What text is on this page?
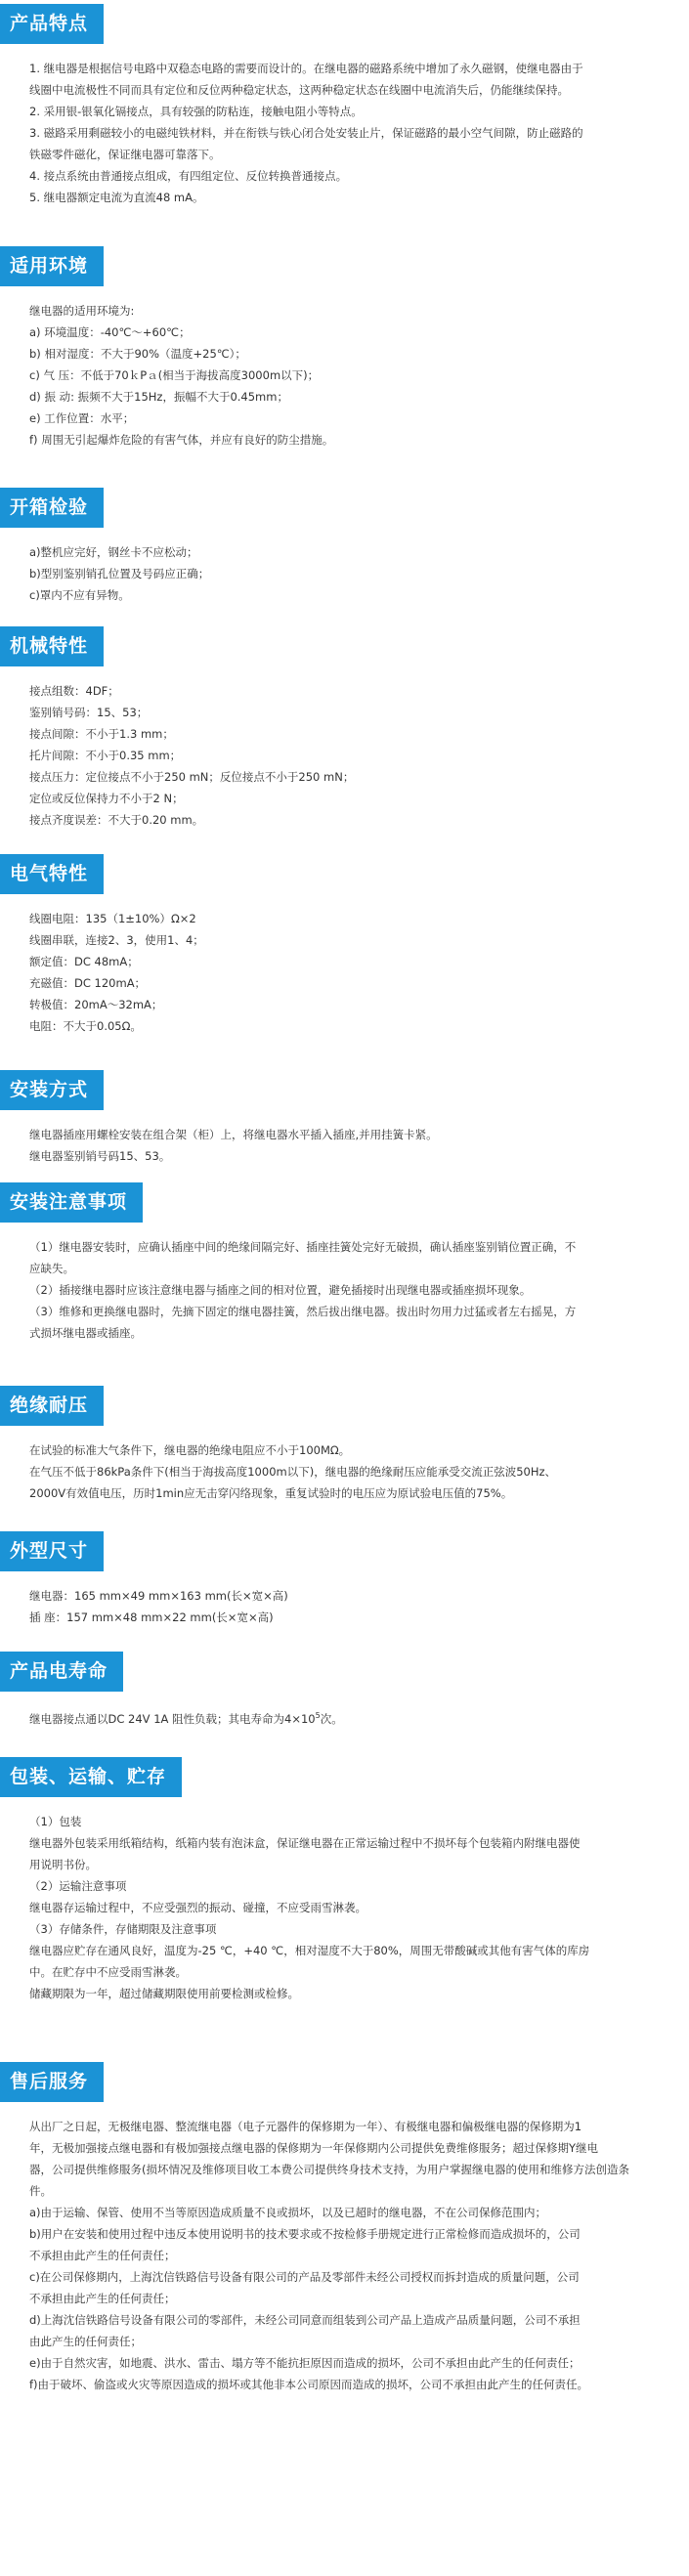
产品特点
1. 继电器是根据信号电路中双稳态电路的需要而设计的。在继电器的磁路系统中增加了永久磁钢，使继电器由于
线圈中电流极性不同而具有定位和反位两种稳定状态，这两种稳定状态在线圈中电流消失后，仍能继续保持。
2. 采用银-银氧化镉接点，具有较强的防粘连，接触电阻小等特点。
3. 磁路采用剩磁较小的电磁纯铁材料，并在衔铁与铁心闭合处安装止片，保证磁路的最小空气间隙，防止磁路的
铁磁零件磁化，保证继电器可靠落下。
4. 接点系统由普通接点组成，有四组定位、反位转换普通接点。
5. 继电器额定电流为直流48 mA。
适用环境
继电器的适用环境为:
a) 环境温度：-40℃～+60℃；
b) 相对湿度：不大于90%（温度+25℃）；
c) 气 压：不低于70ｋPａ(相当于海拔高度3000m以下)；
d) 振 动: 振频不大于15Hz，振幅不大于0.45mm；
e) 工作位置：水平；
f) 周围无引起爆炸危险的有害气体，并应有良好的防尘措施。
开箱检验
a)整机应完好，钢丝卡不应松动；
b)型别鉴别销孔位置及号码应正确；
c)罩内不应有异物。
机械特性
接点组数：4DF；
鉴别销号码：15、53；
接点间隙：不小于1.3 mm；
托片间隙：不小于0.35 mm；
接点压力：定位接点不小于250 mN；反位接点不小于250 mN；
定位或反位保持力不小于2 N；
接点齐度误差：不大于0.20 mm。
电气特性
线圈电阻：135（1±10%）Ω×2
线圈串联，连接2、3，使用1、4；
额定值：DC 48mA；
充磁值：DC 120mA；
转极值：20mA～32mA；
电阻：不大于0.05Ω。
安装方式
继电器插座用螺栓安装在组合架（柜）上，将继电器水平插入插座,并用挂簧卡紧。
继电器鉴别销号码15、53。
安装注意事项
（1）继电器安装时，应确认插座中间的绝缘间隔完好、插座挂簧处完好无破损，确认插座鉴别销位置正确，不
应缺失。
（2）插接继电器时应该注意继电器与插座之间的相对位置，避免插接时出现继电器或插座损坏现象。
（3）维修和更换继电器时，先摘下固定的继电器挂簧，然后拔出继电器。拔出时勿用力过猛或者左右摇晃，方
式损坏继电器或插座。
绝缘耐压
在试验的标准大气条件下，继电器的绝缘电阻应不小于100MΩ。
在气压不低于86kPa条件下(相当于海拔高度1000m以下)，继电器的绝缘耐压应能承受交流正弦波50Hz、
2000V有效值电压，历时1min应无击穿闪络现象，重复试验时的电压应为原试验电压值的75%。
外型尺寸
继电器：165 mm×49 mm×163 mm(长×宽×高)
插 座：157 mm×48 mm×22 mm(长×宽×高)
产品电寿命
继电器接点通以DC 24V 1A 阻性负载；其电寿命为$4\times 10^5$次。
包装、运输、贮存
（1）包装
继电器外包装采用纸箱结构，纸箱内装有泡沫盒，保证继电器在正常运输过程中不损坏每个包装箱内附继电器使
用说明书份。
（2）运输注意事项
继电器存运输过程中，不应受强烈的振动、碰撞，不应受雨雪淋袭。
（3）存储条件，存储期限及注意事项
继电器应贮存在通风良好，温度为-25 ℃，+40 ℃，相对湿度不大于80%，周围无带酸碱或其他有害气体的库房
中。在贮存中不应受雨雪淋袭。
储藏期限为一年，超过储藏期限使用前要检测或检修。
售后服务
从出厂之日起，无极继电器、整流继电器（电子元器件的保修期为一年）、有极继电器和偏极继电器的保修期为1
年，无极加强接点继电器和有极加强接点继电器的保修期为一年保修期内公司提供免费维修服务；超过保修期Y继电
器，公司提供维修服务(损坏情况及维修项目收工本费公司提供终身技术支持，为用户掌握继电器的使用和维修方法创造条
件。
a)由于运输、保管、使用不当等原因造成质量不良或损坏，以及已超时的继电器，不在公司保修范围内；
b)用户在安装和使用过程中违反本使用说明书的技术要求或不按检修手册规定进行正常检修而造成损坏的，公司
不承担由此产生的任何责任；
c)在公司保修期内，上海沈信铁路信号设备有限公司的产品及零部件未经公司授权而拆封造成的质量问题，公司
不承担由此产生的任何责任；
d)上海沈信铁路信号设备有限公司的零部件，未经公司同意而组装到公司产品上造成产品质量问题，公司不承担
由此产生的任何责任；
e)由于自然灾害，如地震、洪水、雷击、塌方等不能抗拒原因而造成的损坏，公司不承担由此产生的任何责任；
f)由于破坏、偷盗或火灾等原因造成的损坏或其他非本公司原因而造成的损坏，公司不承担由此产生的任何责任。
